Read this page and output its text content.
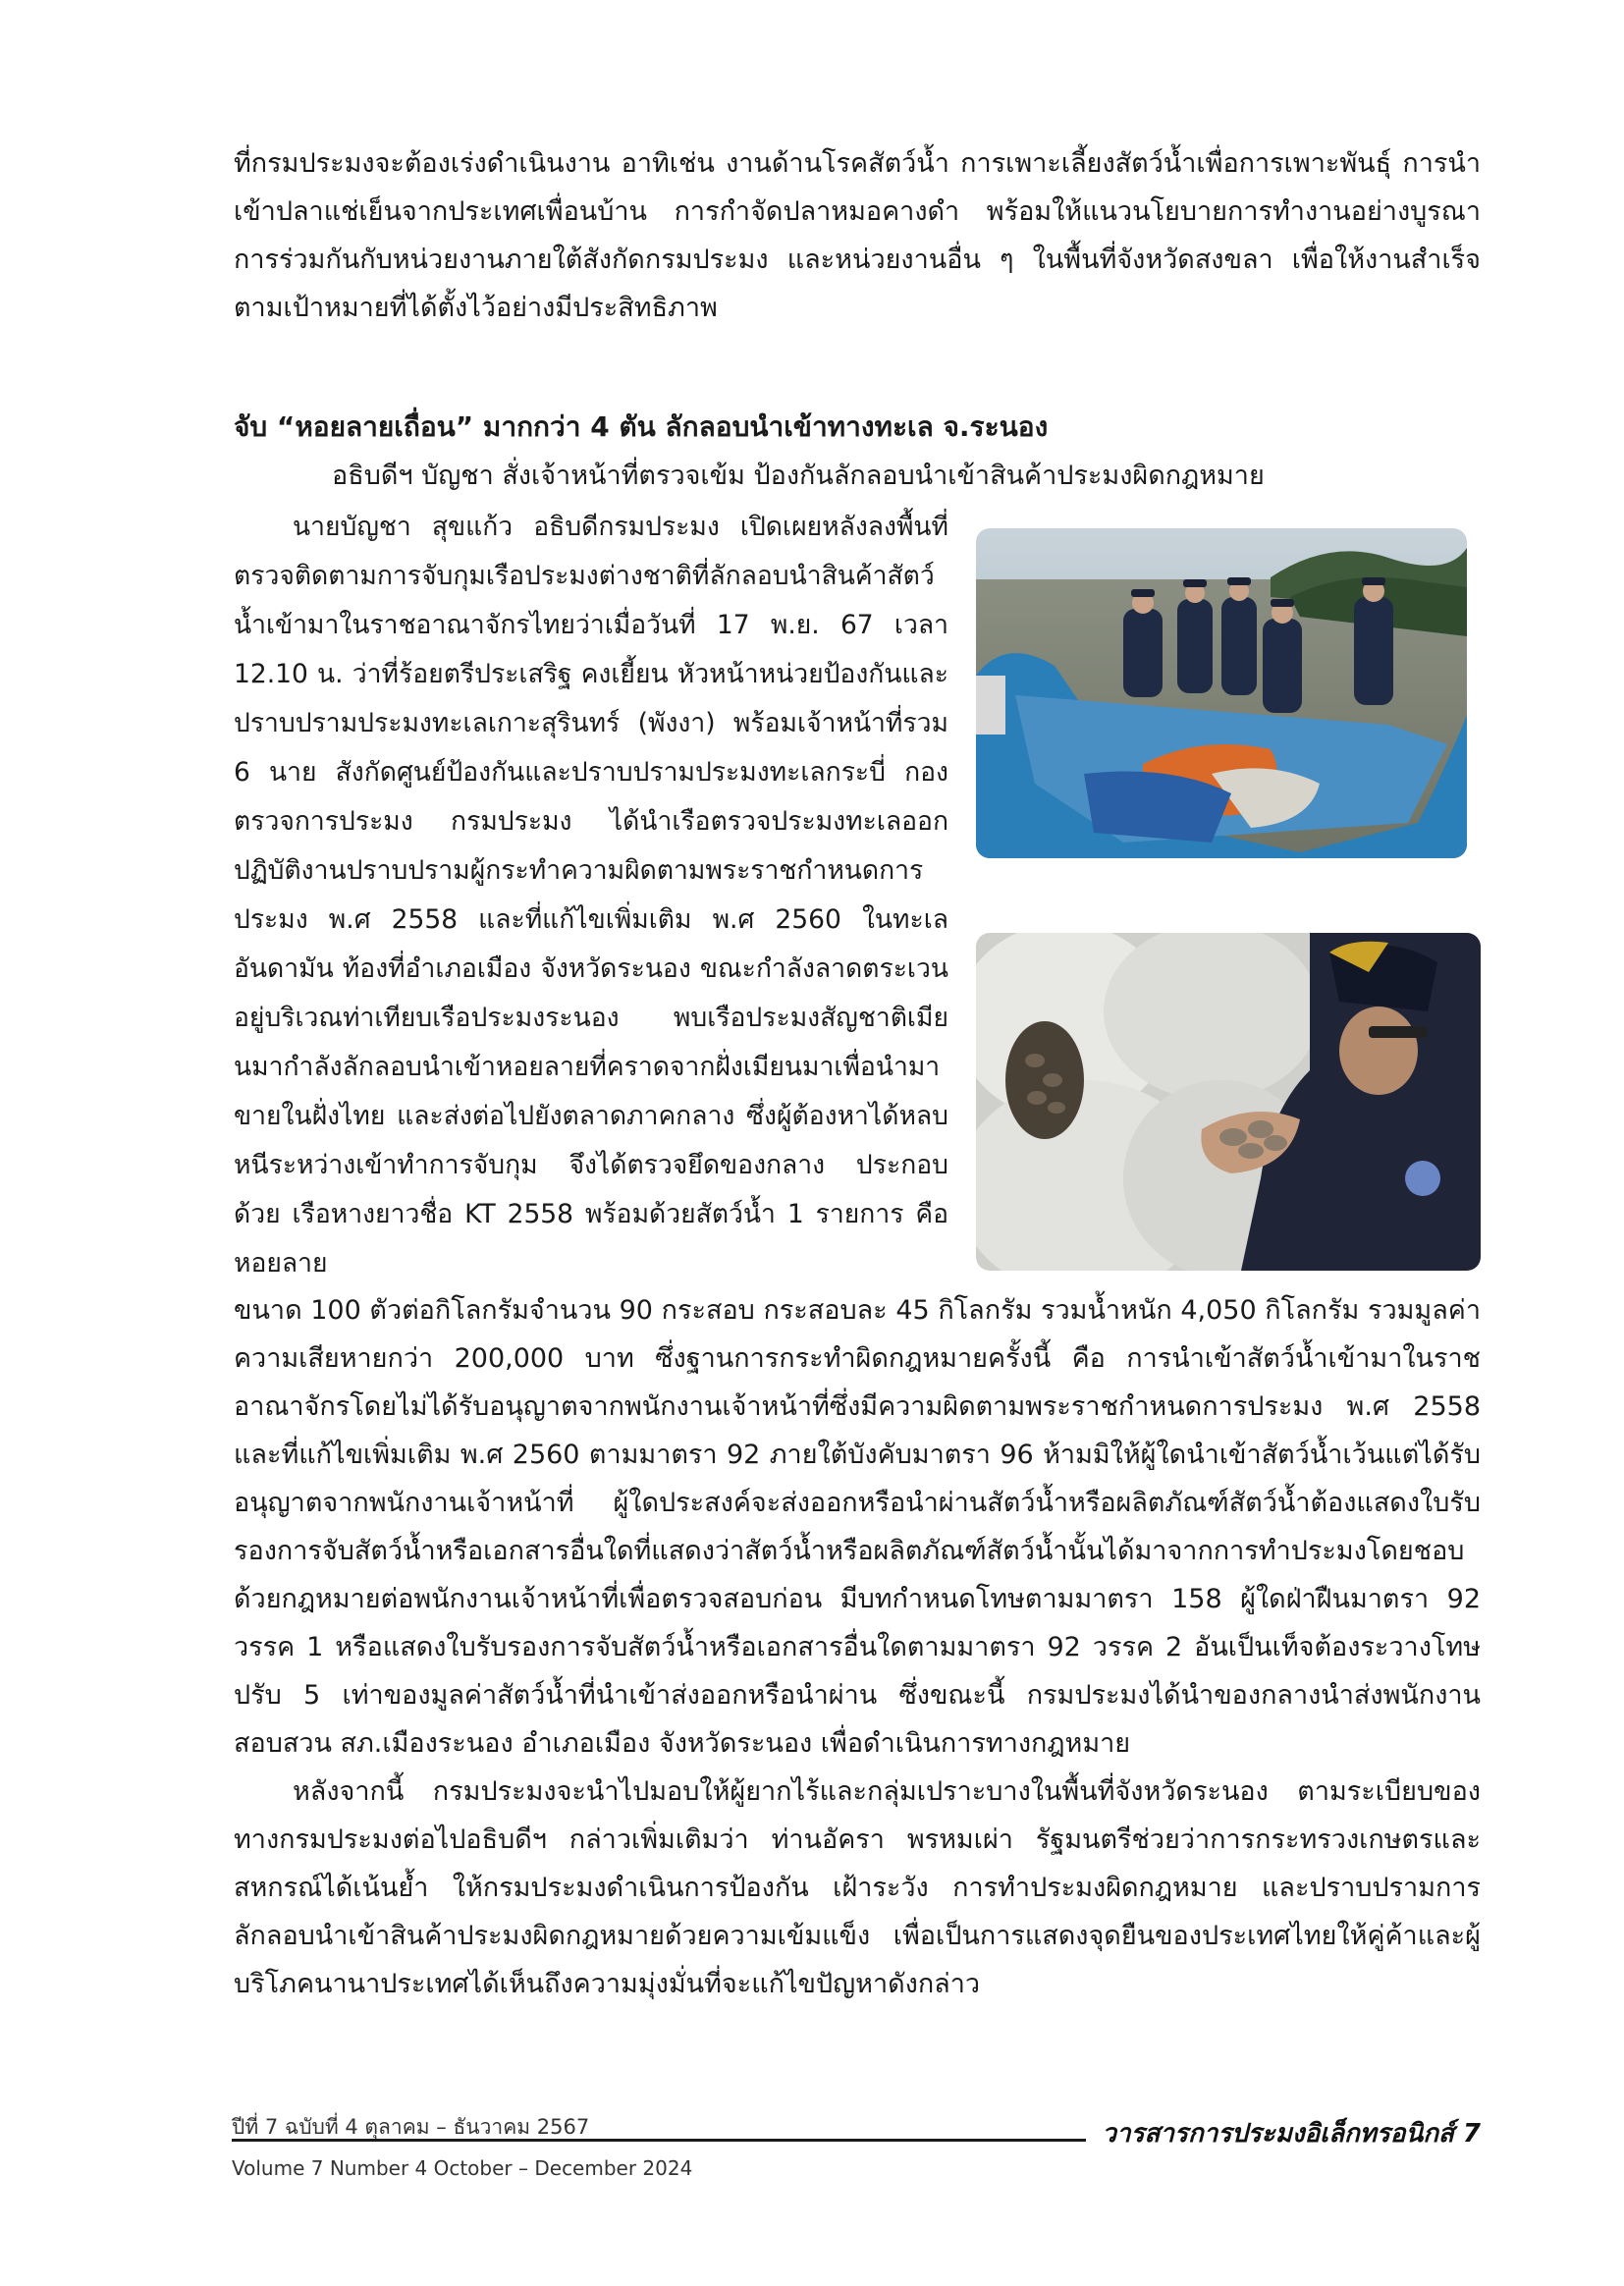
ที่กรมประมงจะต้องเร่งดำเนินงาน อาทิเช่น งานด้านโรคสัตว์น้ำ การเพาะเลี้ยงสัตว์น้ำเพื่อการเพาะพันธุ์ การนำเข้าปลาแช่เย็นจากประเทศเพื่อนบ้าน การกำจัดปลาหมอคางดำ พร้อมให้แนวนโยบายการทำงานอย่างบูรณาการร่วมกันกับหน่วยงานภายใต้สังกัดกรมประมง และหน่วยงานอื่น ๆ ในพื้นที่จังหวัดสงขลา เพื่อให้งานสำเร็จตามเป้าหมายที่ได้ตั้งไว้อย่างมีประสิทธิภาพ

จับ “หอยลายเถื่อน” มากกว่า 4 ตัน ลักลอบนำเข้าทางทะเล จ.ระนอง

อธิบดีฯ บัญชา สั่งเจ้าหน้าที่ตรวจเข้ม ป้องกันลักลอบนำเข้าสินค้าประมงผิดกฎหมาย

นายบัญชา สุขแก้ว อธิบดีกรมประมง เปิดเผยหลังลงพื้นที่ตรวจติดตามการจับกุมเรือประมงต่างชาติที่ลักลอบนำสินค้าสัตว์น้ำเข้ามาในราชอาณาจักรไทยว่าเมื่อวันที่ 17 พ.ย. 67 เวลา 12.10 น. ว่าที่ร้อยตรีประเสริฐ คงเยี้ยน หัวหน้าหน่วยป้องกันและปราบปรามประมงทะเลเกาะสุรินทร์ (พังงา) พร้อมเจ้าหน้าที่รวม 6 นาย สังกัดศูนย์ป้องกันและปราบปรามประมงทะเลกระบี่ กองตรวจการประมง กรมประมง ได้นำเรือตรวจประมงทะเลออกปฏิบัติงานปราบปรามผู้กระทำความผิดตามพระราชกำหนดการประมง พ.ศ 2558 และที่แก้ไขเพิ่มเติม พ.ศ 2560 ในทะเลอันดามัน ท้องที่อำเภอเมือง จังหวัดระนอง ขณะกำลังลาดตระเวนอยู่บริเวณท่าเทียบเรือประมงระนอง พบเรือประมงสัญชาติเมียนมากำลังลักลอบนำเข้าหอยลายที่คราดจากฝั่งเมียนมาเพื่อนำมาขายในฝั่งไทย และส่งต่อไปยังตลาดภาคกลาง ซึ่งผู้ต้องหาได้หลบหนีระหว่างเข้าทำการจับกุม จึงได้ตรวจยึดของกลาง ประกอบด้วย เรือหางยาวชื่อ KT 2558 พร้อมด้วยสัตว์น้ำ 1 รายการ คือ หอยลาย

ขนาด 100 ตัวต่อกิโลกรัมจำนวน 90 กระสอบ กระสอบละ 45 กิโลกรัม รวมน้ำหนัก 4,050 กิโลกรัม รวมมูลค่าความเสียหายกว่า 200,000 บาท ซึ่งฐานการกระทำผิดกฎหมายครั้งนี้ คือ การนำเข้าสัตว์น้ำเข้ามาในราชอาณาจักรโดยไม่ได้รับอนุญาตจากพนักงานเจ้าหน้าที่ซึ่งมีความผิดตามพระราชกำหนดการประมง พ.ศ 2558 และที่แก้ไขเพิ่มเติม พ.ศ 2560 ตามมาตรา 92 ภายใต้บังคับมาตรา 96 ห้ามมิให้ผู้ใดนำเข้าสัตว์น้ำเว้นแต่ได้รับอนุญาตจากพนักงานเจ้าหน้าที่ ผู้ใดประสงค์จะส่งออกหรือนำผ่านสัตว์น้ำหรือผลิตภัณฑ์สัตว์น้ำต้องแสดงใบรับรองการจับสัตว์น้ำหรือเอกสารอื่นใดที่แสดงว่าสัตว์น้ำหรือผลิตภัณฑ์สัตว์น้ำนั้นได้มาจากการทำประมงโดยชอบด้วยกฎหมายต่อพนักงานเจ้าหน้าที่เพื่อตรวจสอบก่อน มีบทกำหนดโทษตามมาตรา 158 ผู้ใดฝ่าฝืนมาตรา 92 วรรค 1 หรือแสดงใบรับรองการจับสัตว์น้ำหรือเอกสารอื่นใดตามมาตรา 92 วรรค 2 อันเป็นเท็จต้องระวางโทษปรับ 5 เท่าของมูลค่าสัตว์น้ำที่นำเข้าส่งออกหรือนำผ่าน ซึ่งขณะนี้ กรมประมงได้นำของกลางนำส่งพนักงานสอบสวน สภ.เมืองระนอง อำเภอเมือง จังหวัดระนอง เพื่อดำเนินการทางกฎหมาย

หลังจากนี้ กรมประมงจะนำไปมอบให้ผู้ยากไร้และกลุ่มเปราะบางในพื้นที่จังหวัดระนอง ตามระเบียบของทางกรมประมงต่อไปอธิบดีฯ กล่าวเพิ่มเติมว่า ท่านอัครา พรหมเผ่า รัฐมนตรีช่วยว่าการกระทรวงเกษตรและสหกรณ์ได้เน้นย้ำ ให้กรมประมงดำเนินการป้องกัน เฝ้าระวัง การทำประมงผิดกฎหมาย และปราบปรามการลักลอบนำเข้าสินค้าประมงผิดกฎหมายด้วยความเข้มแข็ง เพื่อเป็นการแสดงจุดยืนของประเทศไทยให้คู่ค้าและผู้บริโภคนานาประเทศได้เห็นถึงความมุ่งมั่นที่จะแก้ไขปัญหาดังกล่าว

ปีที่ 7 ฉบับที่ 4 ตุลาคม – ธันวาคม 2567	วารสารการประมงอิเล็กทรอนิกส์ 7
Volume 7 Number 4 October – December 2024
